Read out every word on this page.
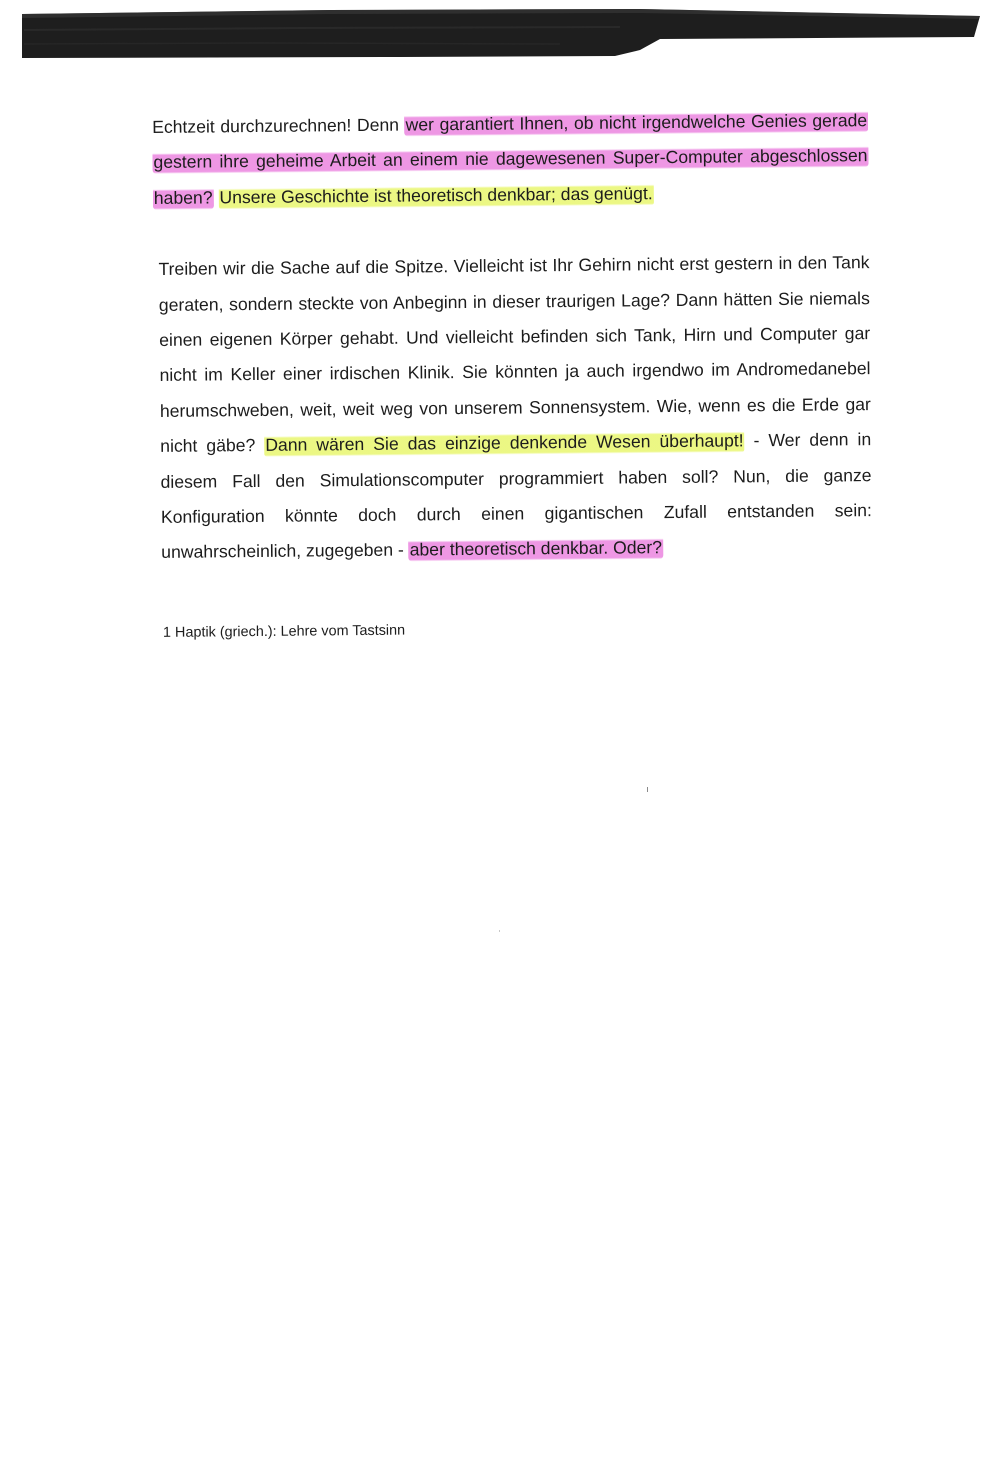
Echtzeit durchzurechnen! Denn wer garantiert Ihnen, ob nicht irgendwelche Genies gerade gestern ihre geheime Arbeit an einem nie dagewesenen Super-Computer abgeschlossen haben? Unsere Geschichte ist theoretisch denkbar; das genügt.

Treiben wir die Sache auf die Spitze. Vielleicht ist Ihr Gehirn nicht erst gestern in den Tank geraten, sondern steckte von Anbeginn in dieser traurigen Lage? Dann hätten Sie niemals einen eigenen Körper gehabt. Und vielleicht befinden sich Tank, Hirn und Computer gar nicht im Keller einer irdischen Klinik. Sie könnten ja auch irgendwo im Andromedanebel herumschweben, weit, weit weg von unserem Sonnensystem. Wie, wenn es die Erde gar nicht gäbe? Dann wären Sie das einzige denkende Wesen überhaupt! - Wer denn in diesem Fall den Simulationscomputer programmiert haben soll? Nun, die ganze Konfiguration könnte doch durch einen gigantischen Zufall entstanden sein: unwahrscheinlich, zugegeben - aber theoretisch denkbar. Oder?

1 Haptik (griech.): Lehre vom Tastsinn
